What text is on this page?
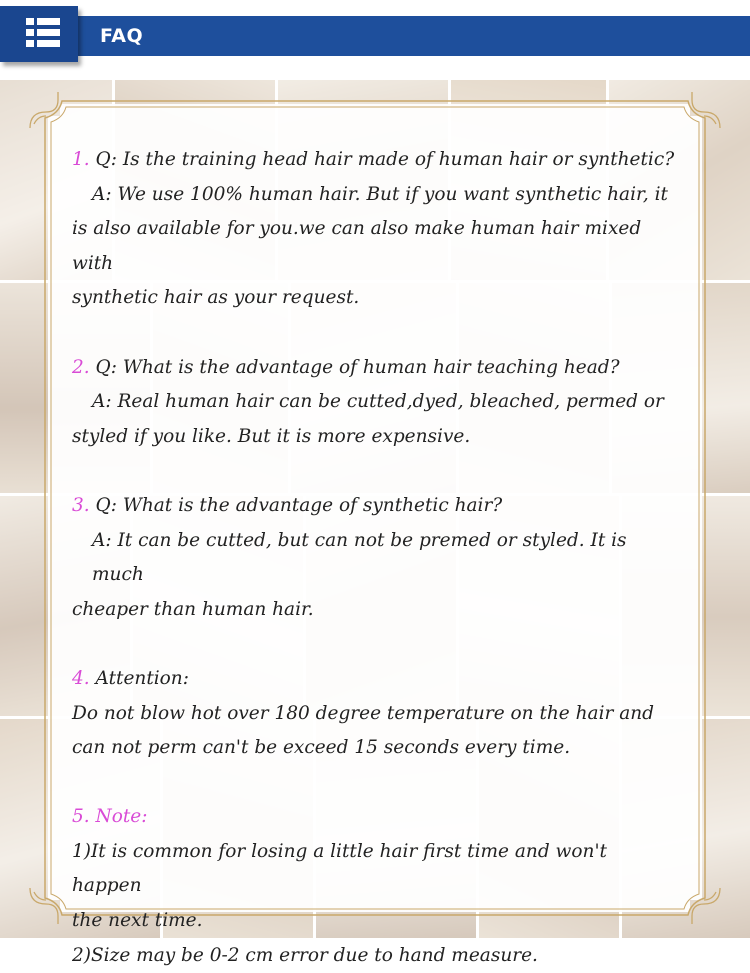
FAQ

1. Q: Is the training head hair made of human hair or synthetic?

A: We use 100% human hair. But if you want synthetic hair, it

is also available for you.we can also make human hair mixed with

synthetic hair as your request.

2. Q: What is the advantage of human hair teaching head?

A: Real human hair can be cutted,dyed, bleached, permed or

styled if you like. But it is more expensive.

3. Q: What is the advantage of synthetic hair?

A: It can be cutted, but can not be premed or styled. It is much

cheaper than human hair.

4. Attention:

Do not blow hot over 180 degree temperature on the hair and

can not perm can't be exceed 15 seconds every time.

5. Note:

1)It is common for losing a little hair first time and won't happen

the next time.

2)Size may be 0-2 cm error due to hand measure.
